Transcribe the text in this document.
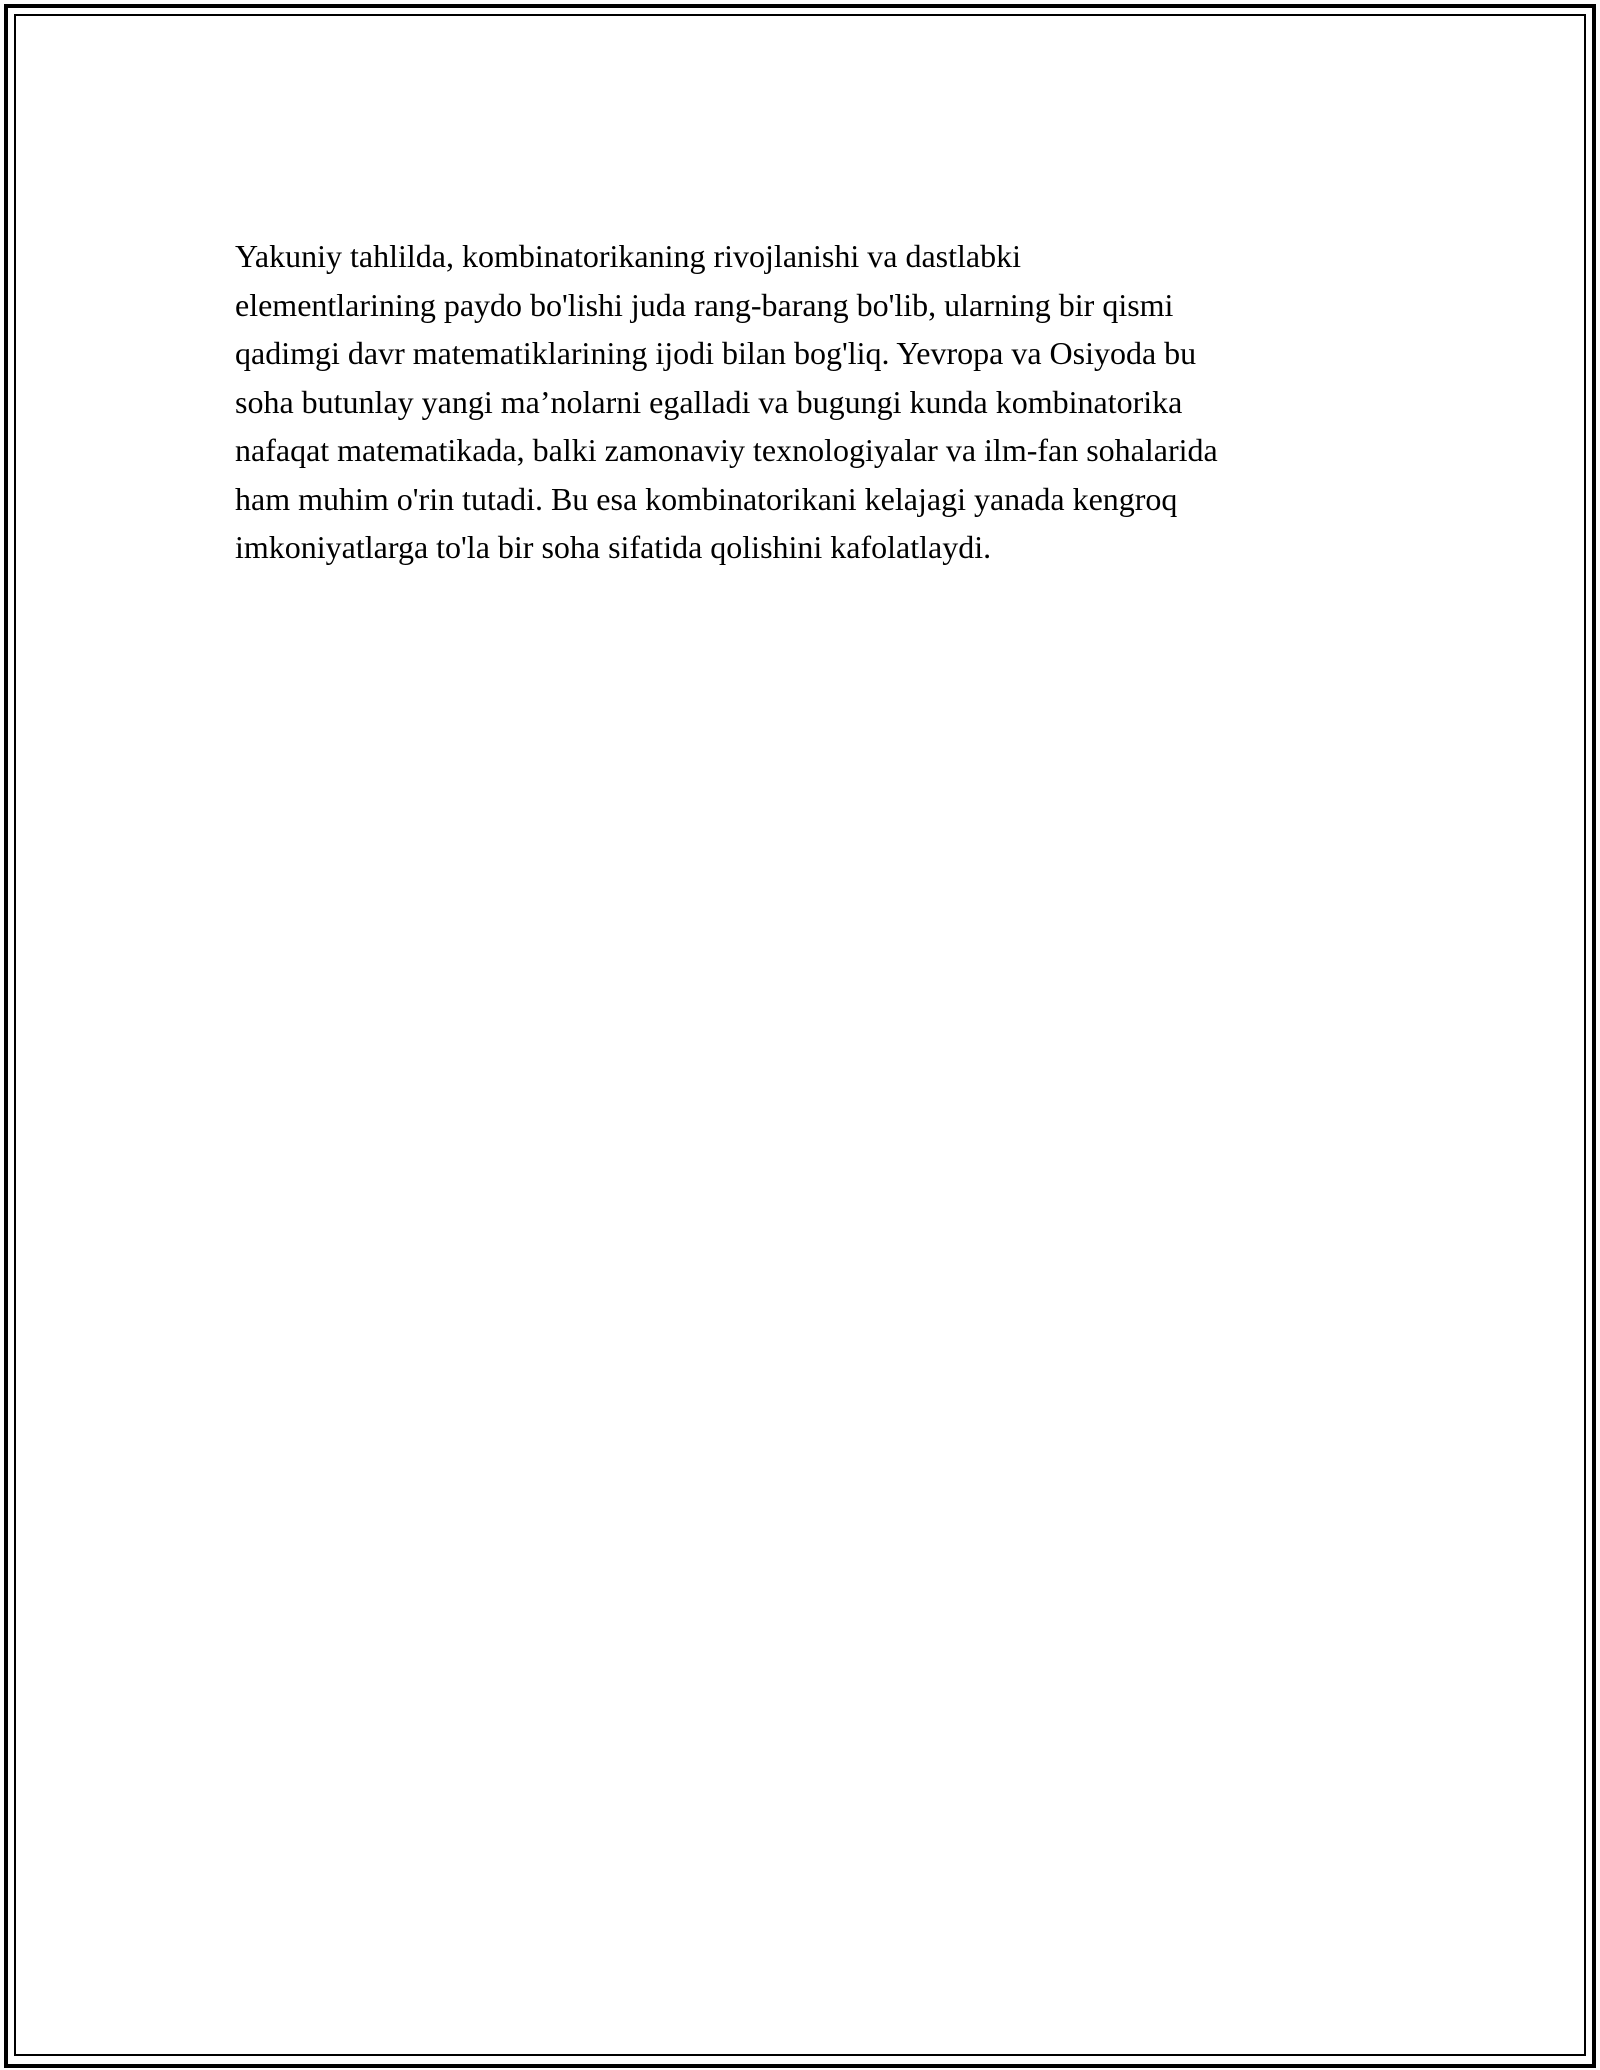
Yakuniy tahlilda, kombinatorikaning rivojlanishi va dastlabki
elementlarining paydo bo'lishi juda rang-barang bo'lib, ularning bir qismi
qadimgi davr matematiklarining ijodi bilan bog'liq. Yevropa va Osiyoda bu
soha butunlay yangi ma’nolarni egalladi va bugungi kunda kombinatorika
nafaqat matematikada, balki zamonaviy texnologiyalar va ilm-fan sohalarida
ham muhim o'rin tutadi. Bu esa kombinatorikani kelajagi yanada kengroq
imkoniyatlarga to'la bir soha sifatida qolishini kafolatlaydi.
